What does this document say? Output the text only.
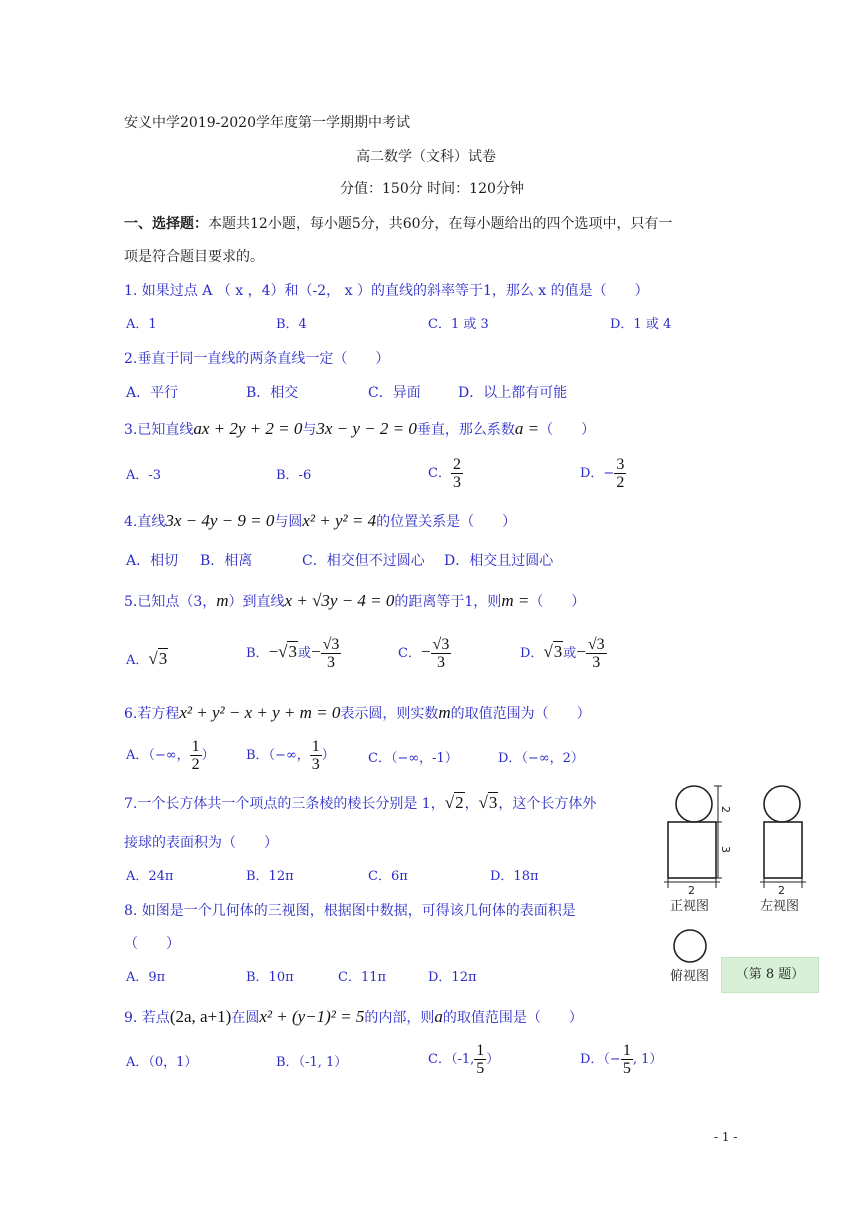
安义中学2019-2020学年度第一学期期中考试
高二数学（文科）试卷
分值：150分 时间：120分钟
一、选择题：本题共12小题，每小题5分，共60分，在每小题给出的四个选项中，只有一
项是符合题目要求的。
1. 如果过点 A （ x ，4）和（-2， x ）的直线的斜率等于1，那么 x 的值是（　　）
A．1	B．4	C．1 或 3	D．1 或 4
2.垂直于同一直线的两条直线一定（　　）
A．平行	B．相交	C．异面	D．以上都有可能
3.已知直线ax + 2y + 2 = 0与3x − y − 2 = 0垂直，那么系数a =（　　）
A．-3	B．-6	C． $\frac{2}{3}$	D．− $\frac{3}{2}$
4.直线3x − 4y − 9 = 0与圆x² + y² = 4的位置关系是（　　）
A．相切 B．相离	C．相交但不过圆心 D．相交且过圆心
5.已知点（3，m）到直线x + √3y − 4 = 0的距离等于1，则m =（　　）
A．√3	B．−√3或− $\frac{√3}{3}$	C．− $\frac{√3}{3}$	D．√3或− $\frac{√3}{3}$
6.若方程x² + y² − x + y + m = 0表示圆，则实数m的取值范围为（　　）
A．（−∞， $\frac{1}{2}$ ） B．（−∞， $\frac{1}{3}$ ）	C．（−∞，-1）	D．（−∞，2）
7.一个长方体共一个项点的三条棱的棱长分别是 1，√2，√3，这个长方体外
接球的表面积为（　　）
A．24π	B．12π	C．6π	D．18π
8. 如图是一个几何体的三视图，根据图中数据，可得该几何体的表面积是
（　　）
A．9π	B．10π	C．11π	D．12π
2
3
2
正视图
2
左视图
俯视图	（第 8 题）
9. 若点(2a, a+1)在圆x² + (y−1)² = 5的内部，则a的取值范围是（　　）
A．（0，1）	B．（-1, 1）	C．（-1, $\frac{1}{5}$ ）	D．（− $\frac{1}{5}$ , 1）
- 1 -
